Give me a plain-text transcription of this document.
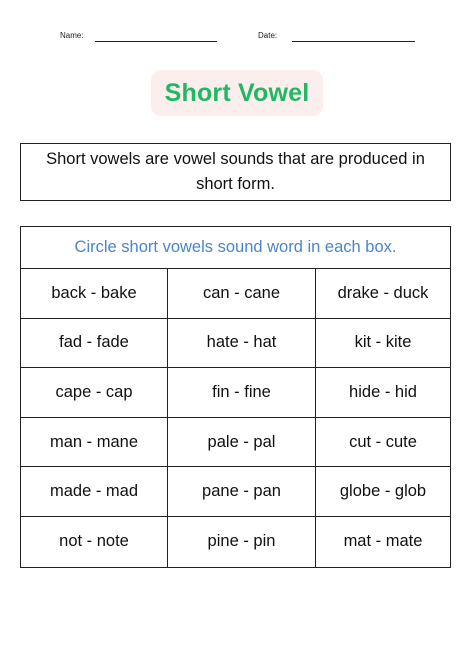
Name:	Date:
Short Vowel
Short vowels are vowel sounds that are produced in short form.
Circle short vowels sound word in each box.
back - bake	can - cane	drake - duck
fad - fade	hate - hat	kit - kite
cape - cap	fin - fine	hide - hid
man - mane	pale - pal	cut - cute
made - mad	pane - pan	globe - glob
not - note	pine - pin	mat - mate
